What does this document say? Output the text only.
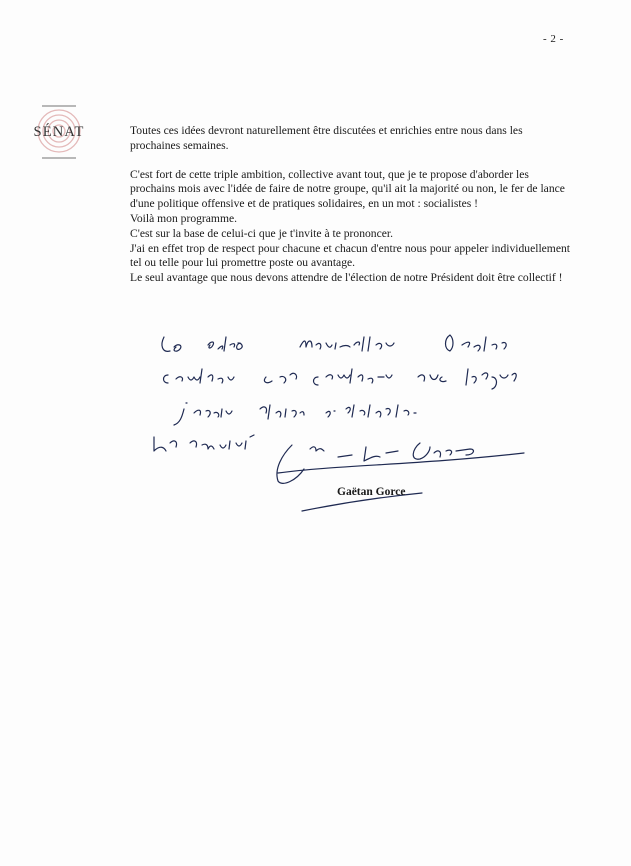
- 2 -
SÉNAT	Toutes ces idées devront naturellement être discutées et enrichies entre nous dans les prochaines semaines.

C'est fort de cette triple ambition, collective avant tout, que je te propose d'aborder les prochains mois avec l'idée de faire de notre groupe, qu'il ait la majorité ou non, le fer de lance d'une politique offensive et de pratiques solidaires, en un mot : socialistes !

Voilà mon programme.

C'est sur la base de celui-ci que je t'invite à te prononcer.

J'ai en effet trop de respect pour chacune et chacun d'entre nous pour appeler individuellement tel ou telle pour lui promettre poste ou avantage.

Le seul avantage que nous devons attendre de l'élection de notre Président doit être collectif !

Gaëtan Gorce
